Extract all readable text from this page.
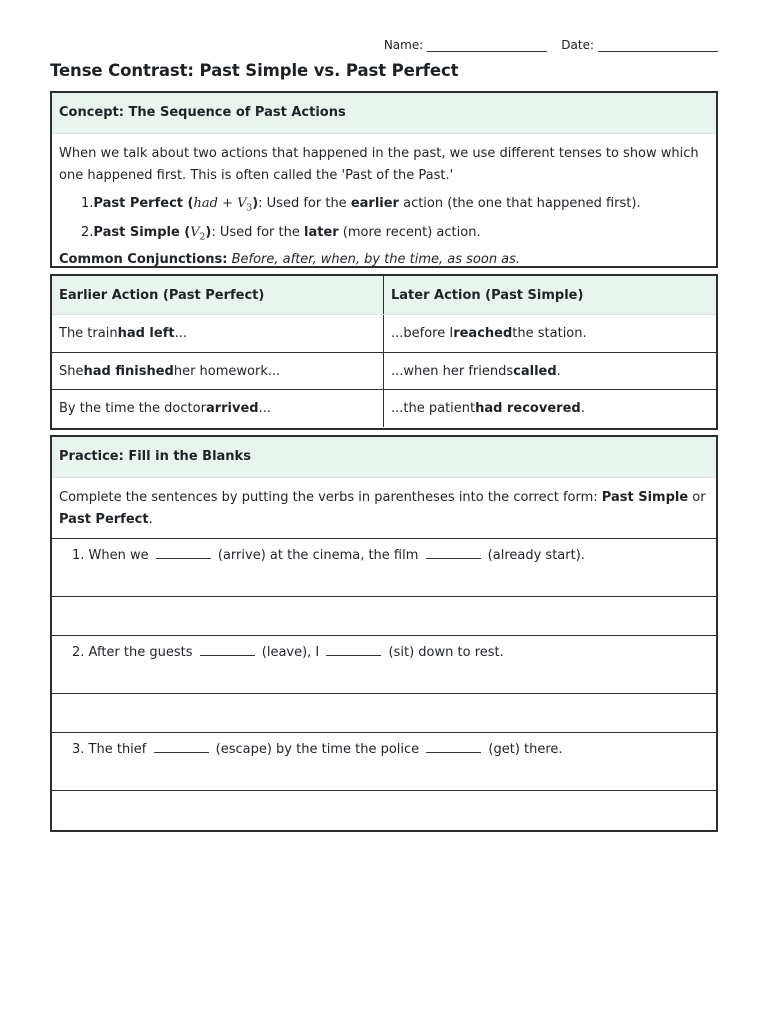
Name:	Date:
Tense Contrast: Past Simple vs. Past Perfect
Concept: The Sequence of Past Actions

When we talk about two actions that happened in the past, we use different tenses to show which one happened first. This is often called the 'Past of the Past.'

1.Past Perfect $(had + V_3)$: Used for the earlier action (the one that happened first).
2.Past Simple $(V_2)$: Used for the later (more recent) action.
Common Conjunctions: Before, after, when, by the time, as soon as.
Earlier Action (Past Perfect)	Later Action (Past Simple)
The train had left ...	...before I reached the station.
She had finished her homework...	...when her friends called .
By the time the doctor arrived ...	...the patient had recovered .
Practice: Fill in the Blanks
Complete the sentences by putting the verbs in parentheses into the correct form: Past Simple or Past Perfect.
1. When we	(arrive) at the cinema, the film	(already start).
2. After the guests	(leave), I	(sit) down to rest.
3. The thief	(escape) by the time the police	(get) there.
